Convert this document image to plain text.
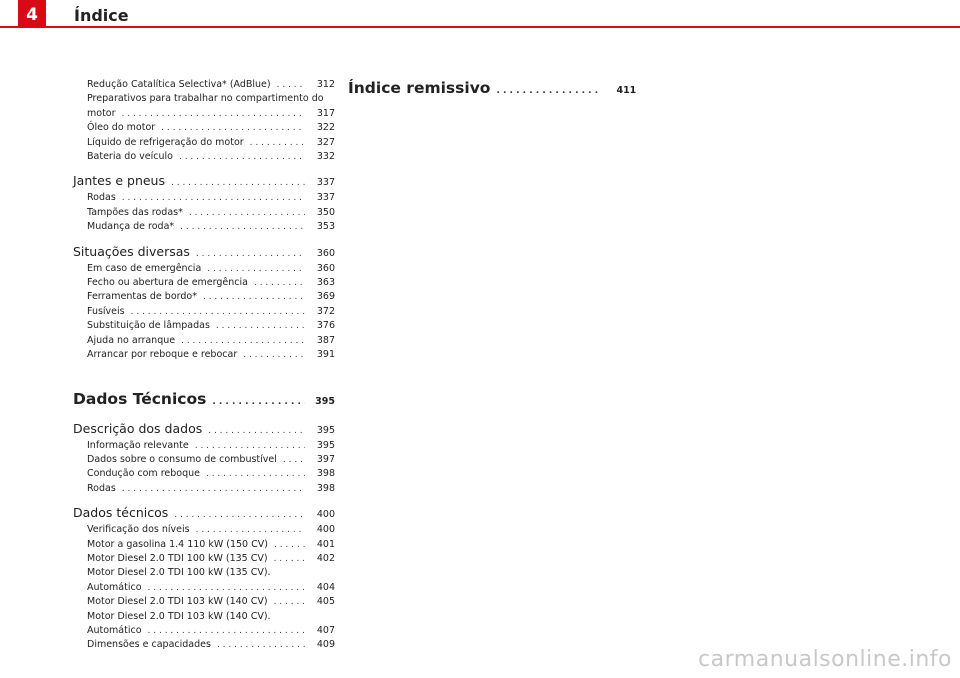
4	Índice
Redução Catalítica Selectiva* (AdBlue) . . .	312
Preparativos para trabalhar no compartimento do
motor . . .	317
Óleo do motor . . .	322
Líquido de refrigeração do motor . . .	327
Bateria do veículo . . .	332
Jantes e pneus . . .	337
Rodas . . .	337
Tampões das rodas* . . .	350
Mudança de roda* . . .	353
Situações diversas . . .	360
Em caso de emergência . . .	360
Fecho ou abertura de emergência . . .	363
Ferramentas de bordo* . . .	369
Fusíveis . . .	372
Substituição de lâmpadas . . .	376
Ajuda no arranque . . .	387
Arrancar por reboque e rebocar . . .	391
Dados Técnicos . . .	395
Descrição dos dados . . .	395
Informação relevante . . .	395
Dados sobre o consumo de combustível . . .	397
Condução com reboque . . .	398
Rodas . . .	398
Dados técnicos . . .	400
Verificação dos níveis . . .	400
Motor a gasolina 1.4 110 kW (150 CV) . . .	401
Motor Diesel 2.0 TDI 100 kW (135 CV) . . .	402
Motor Diesel 2.0 TDI 100 kW (135 CV).
Automático . . .	404
Motor Diesel 2.0 TDI 103 kW (140 CV) . . .	405
Motor Diesel 2.0 TDI 103 kW (140 CV).
Automático . . .	407
Dimensões e capacidades . . .	409
Índice remissivo . . .	411
carmanualsonline.info
